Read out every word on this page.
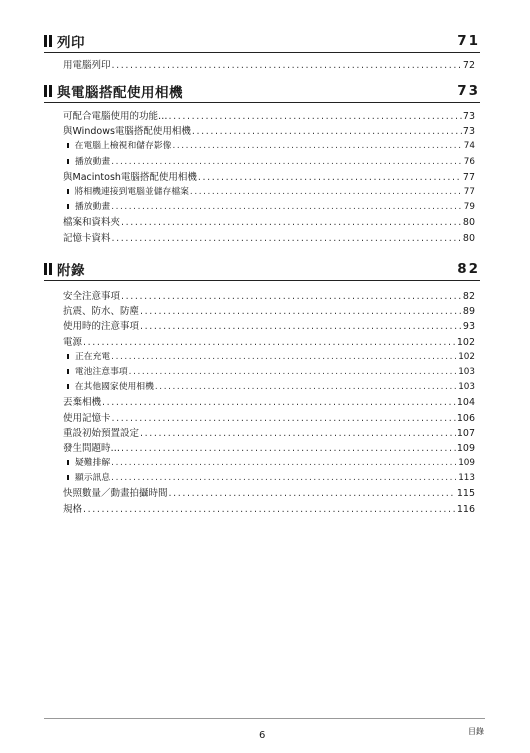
列印	71
用電腦列印 .....	72
與電腦搭配使用相機	73
可配合電腦使用的功能… .....	73
與Windows電腦搭配使用相機 .....	73
在電腦上檢視和儲存影像 .....	74
播放動畫 .....	76
與Macintosh電腦搭配使用相機 .....	77
將相機連接到電腦並儲存檔案 .....	77
播放動畫 .....	79
檔案和資料夾 .....	80
記憶卡資料 .....	80
附錄	82
安全注意事項 .....	82
抗震、防水、防塵 .....	89
使用時的注意事項 .....	93
電源 .....	102
正在充電 .....	102
電池注意事項 .....	103
在其他國家使用相機 .....	103
丟棄相機 .....	104
使用記憶卡 .....	106
重設初始預置設定 .....	107
發生問題時… .....	109
疑難排解 .....	109
顯示訊息 .....	113
快照數量／動畫拍攝時間 .....	115
規格 .....	116
6	目錄
